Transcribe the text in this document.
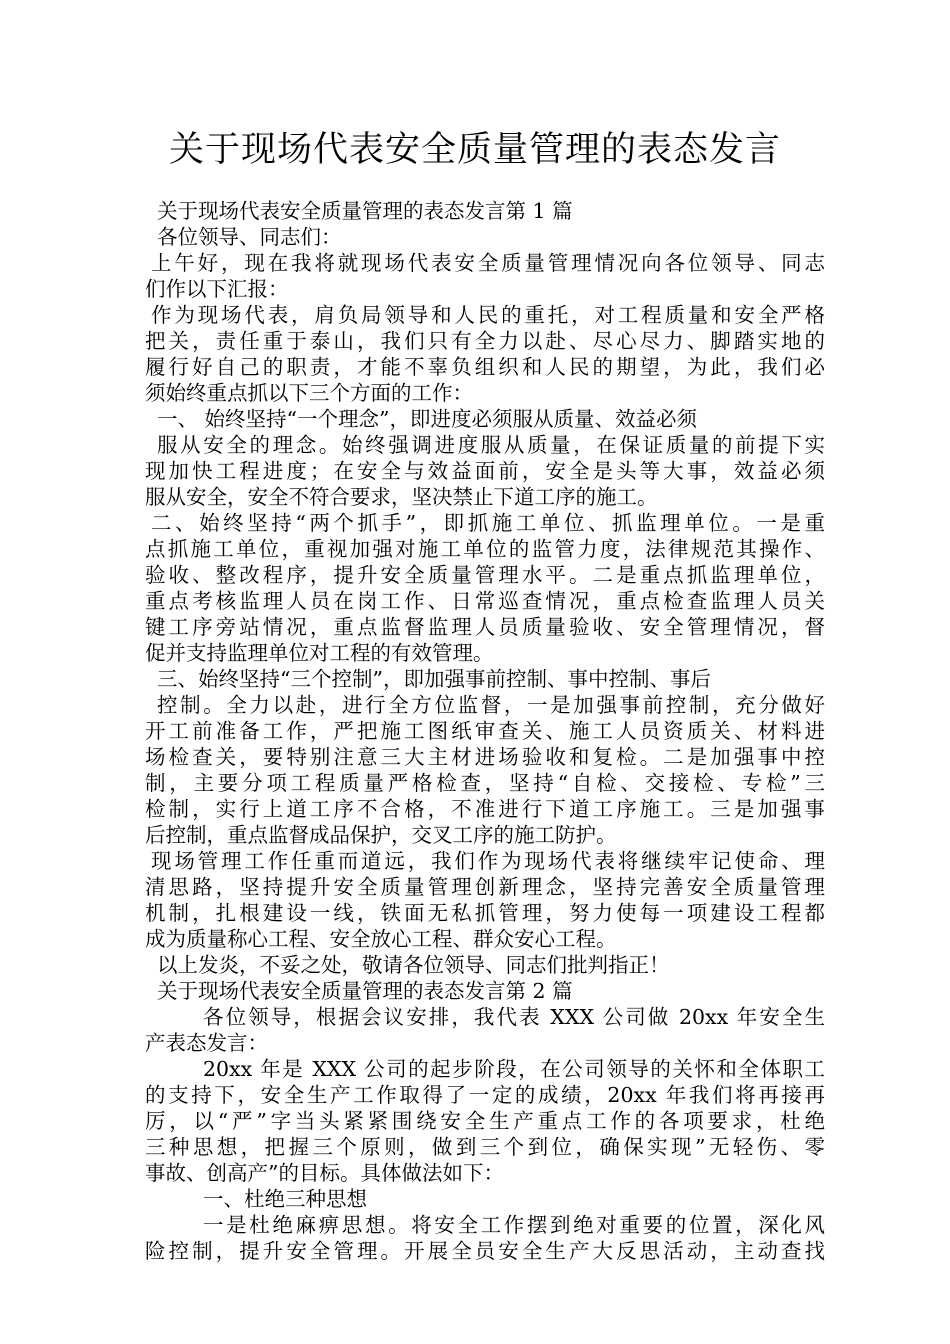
关于现场代表安全质量管理的表态发言
关于现场代表安全质量管理的表态发言第 1 篇
各位领导、同志们：
上午好，现在我将就现场代表安全质量管理情况向各位领导、同志
们作以下汇报：
作为现场代表，肩负局领导和人民的重托，对工程质量和安全严格
把关，责任重于泰山，我们只有全力以赴、尽心尽力、脚踏实地的
履行好自己的职责，才能不辜负组织和人民的期望，为此，我们必
须始终重点抓以下三个方面的工作：
一、 始终坚持“一个理念”，即进度必须服从质量、效益必须
服从安全的理念。始终强调进度服从质量，在保证质量的前提下实
现加快工程进度；在安全与效益面前，安全是头等大事，效益必须
服从安全，安全不符合要求，坚决禁止下道工序的施工。
二、始终坚持“两个抓手”，即抓施工单位、抓监理单位。一是重
点抓施工单位，重视加强对施工单位的监管力度，法律规范其操作、
验收、整改程序，提升安全质量管理水平。二是重点抓监理单位，
重点考核监理人员在岗工作、日常巡查情况，重点检查监理人员关
键工序旁站情况，重点监督监理人员质量验收、安全管理情况，督
促并支持监理单位对工程的有效管理。
三、始终坚持“三个控制”，即加强事前控制、事中控制、事后
控制。全力以赴，进行全方位监督，一是加强事前控制，充分做好
开工前准备工作，严把施工图纸审查关、施工人员资质关、材料进
场检查关，要特别注意三大主材进场验收和复检。二是加强事中控
制，主要分项工程质量严格检查，坚持“自检、交接检、专检”三
检制，实行上道工序不合格，不准进行下道工序施工。三是加强事
后控制，重点监督成品保护，交叉工序的施工防护。
现场管理工作任重而道远，我们作为现场代表将继续牢记使命、理
清思路，坚持提升安全质量管理创新理念，坚持完善安全质量管理
机制，扎根建设一线，铁面无私抓管理，努力使每一项建设工程都
成为质量称心工程、安全放心工程、群众安心工程。
以上发炎，不妥之处，敬请各位领导、同志们批判指正！
关于现场代表安全质量管理的表态发言第 2 篇
各位领导，根据会议安排，我代表 XXX 公司做 20xx 年安全生
产表态发言：
20xx 年是 XXX 公司的起步阶段，在公司领导的关怀和全体职工
的支持下，安全生产工作取得了一定的成绩，20xx 年我们将再接再
厉，以“严”字当头紧紧围绕安全生产重点工作的各项要求，杜绝
三种思想，把握三个原则，做到三个到位，确保实现”无轻伤、零
事故、创高产”的目标。具体做法如下：
一、杜绝三种思想
一是杜绝麻痹思想。将安全工作摆到绝对重要的位置，深化风
险控制，提升安全管理。开展全员安全生产大反思活动，主动查找
